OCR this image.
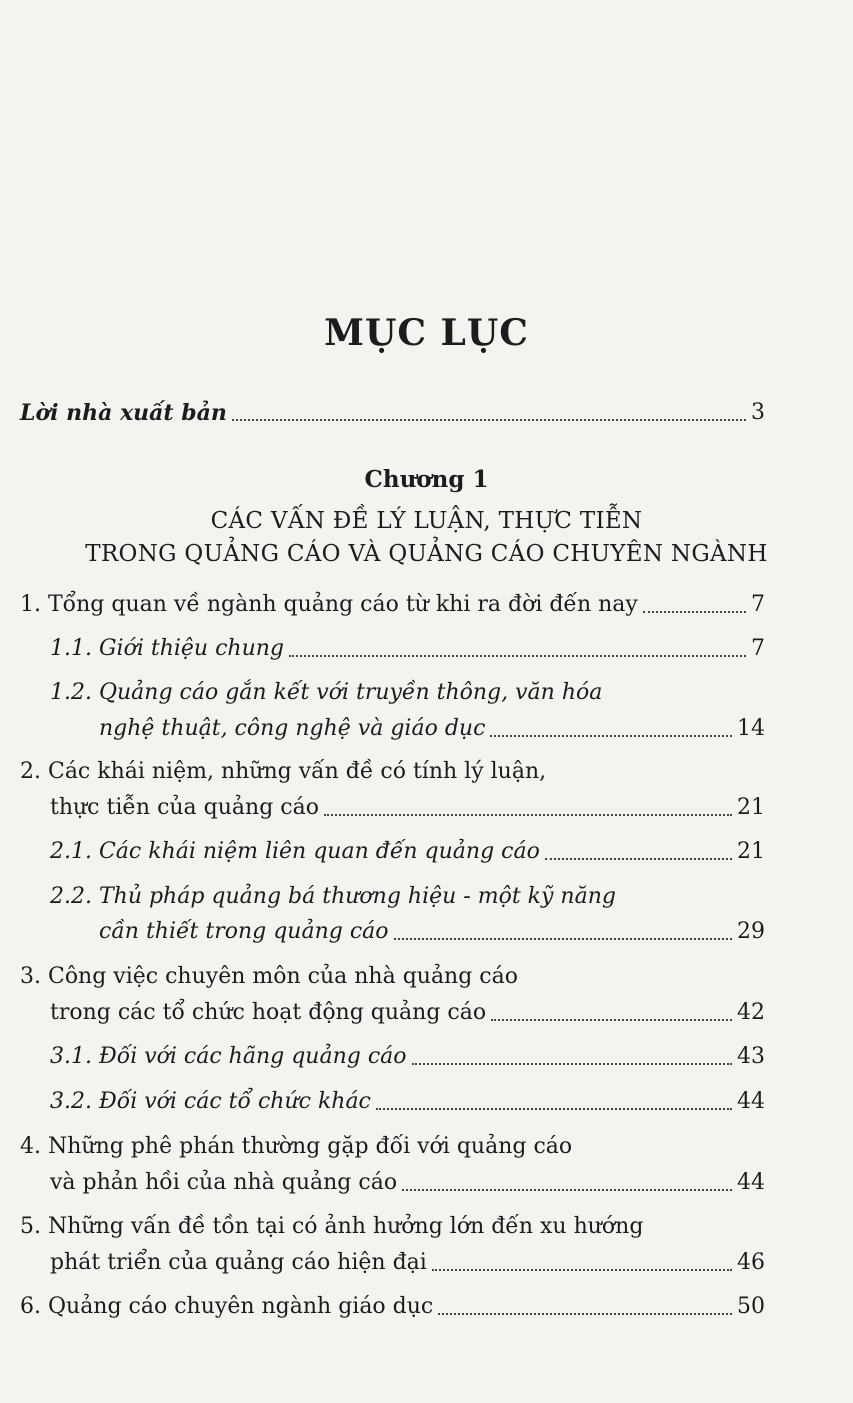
MỤC LỤC
Lời nhà xuất bản	3
Chương 1
CÁC VẤN ĐỀ LÝ LUẬN, THỰC TIỄN
TRONG QUẢNG CÁO VÀ QUẢNG CÁO CHUYÊN NGÀNH
1. Tổng quan về ngành quảng cáo từ khi ra đời đến nay	7
1.1. Giới thiệu chung	7
1.2. Quảng cáo gắn kết với truyền thông, văn hóa
nghệ thuật, công nghệ và giáo dục	14
2. Các khái niệm, những vấn đề có tính lý luận,
thực tiễn của quảng cáo	21
2.1. Các khái niệm liên quan đến quảng cáo	21
2.2. Thủ pháp quảng bá thương hiệu - một kỹ năng
cần thiết trong quảng cáo	29
3. Công việc chuyên môn của nhà quảng cáo
trong các tổ chức hoạt động quảng cáo	42
3.1. Đối với các hãng quảng cáo	43
3.2. Đối với các tổ chức khác	44
4. Những phê phán thường gặp đối với quảng cáo
và phản hồi của nhà quảng cáo	44
5. Những vấn đề tồn tại có ảnh hưởng lớn đến xu hướng
phát triển của quảng cáo hiện đại	46
6. Quảng cáo chuyên ngành giáo dục	50
